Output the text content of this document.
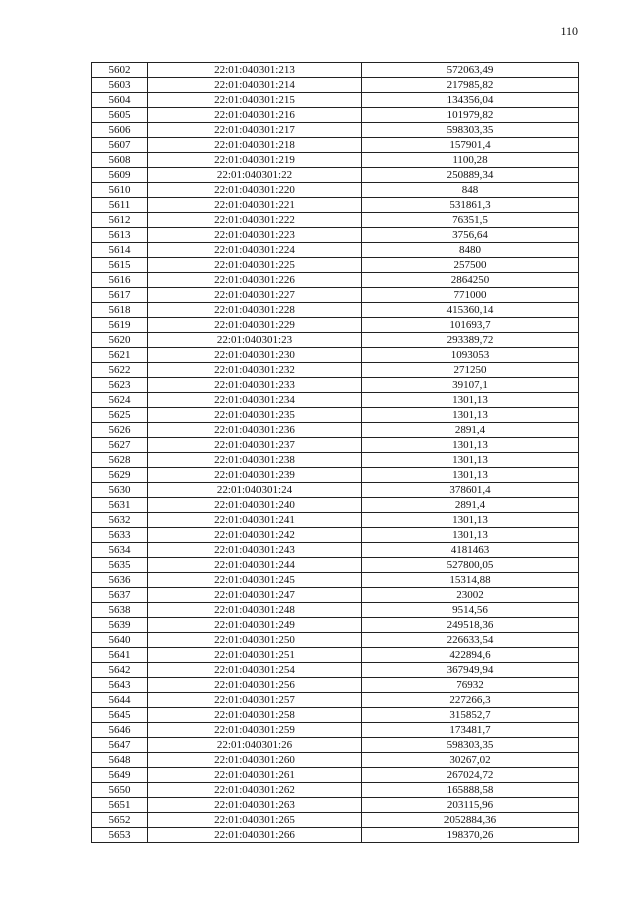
110
5602	22:01:040301:213	572063,49
5603	22:01:040301:214	217985,82
5604	22:01:040301:215	134356,04
5605	22:01:040301:216	101979,82
5606	22:01:040301:217	598303,35
5607	22:01:040301:218	157901,4
5608	22:01:040301:219	1100,28
5609	22:01:040301:22	250889,34
5610	22:01:040301:220	848
5611	22:01:040301:221	531861,3
5612	22:01:040301:222	76351,5
5613	22:01:040301:223	3756,64
5614	22:01:040301:224	8480
5615	22:01:040301:225	257500
5616	22:01:040301:226	2864250
5617	22:01:040301:227	771000
5618	22:01:040301:228	415360,14
5619	22:01:040301:229	101693,7
5620	22:01:040301:23	293389,72
5621	22:01:040301:230	1093053
5622	22:01:040301:232	271250
5623	22:01:040301:233	39107,1
5624	22:01:040301:234	1301,13
5625	22:01:040301:235	1301,13
5626	22:01:040301:236	2891,4
5627	22:01:040301:237	1301,13
5628	22:01:040301:238	1301,13
5629	22:01:040301:239	1301,13
5630	22:01:040301:24	378601,4
5631	22:01:040301:240	2891,4
5632	22:01:040301:241	1301,13
5633	22:01:040301:242	1301,13
5634	22:01:040301:243	4181463
5635	22:01:040301:244	527800,05
5636	22:01:040301:245	15314,88
5637	22:01:040301:247	23002
5638	22:01:040301:248	9514,56
5639	22:01:040301:249	249518,36
5640	22:01:040301:250	226633,54
5641	22:01:040301:251	422894,6
5642	22:01:040301:254	367949,94
5643	22:01:040301:256	76932
5644	22:01:040301:257	227266,3
5645	22:01:040301:258	315852,7
5646	22:01:040301:259	173481,7
5647	22:01:040301:26	598303,35
5648	22:01:040301:260	30267,02
5649	22:01:040301:261	267024,72
5650	22:01:040301:262	165888,58
5651	22:01:040301:263	203115,96
5652	22:01:040301:265	2052884,36
5653	22:01:040301:266	198370,26
